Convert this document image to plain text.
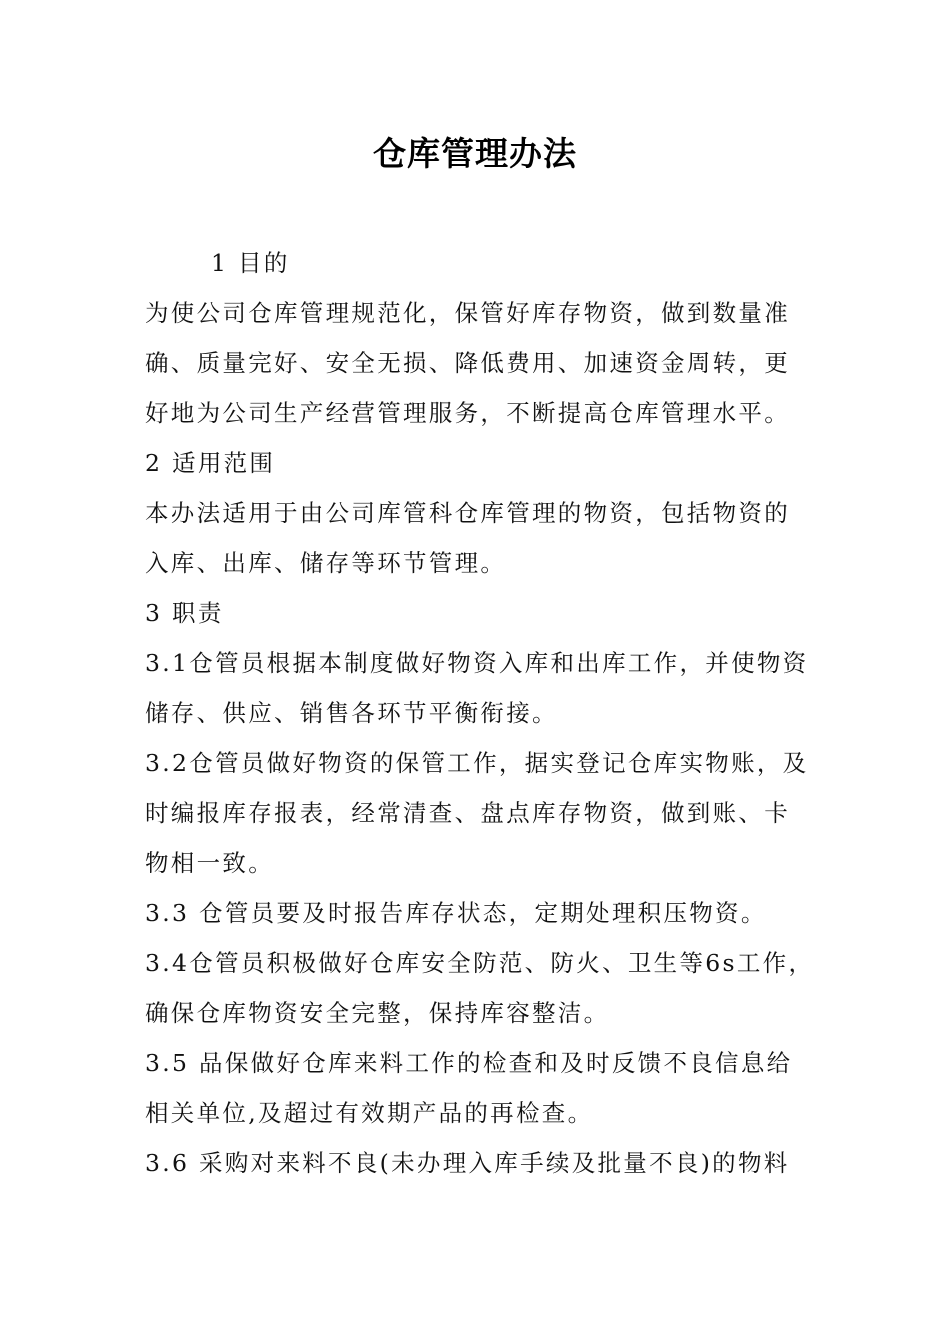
仓库管理办法
1 目的
为使公司仓库管理规范化，保管好库存物资，做到数量准
确、质量完好、安全无损、降低费用、加速资金周转，更
好地为公司生产经营管理服务，不断提高仓库管理水平。
2 适用范围
本办法适用于由公司库管科仓库管理的物资，包括物资的
入库、出库、储存等环节管理。
3 职责
3.1仓管员根据本制度做好物资入库和出库工作，并使物资
储存、供应、销售各环节平衡衔接。
3.2仓管员做好物资的保管工作，据实登记仓库实物账，及
时编报库存报表，经常清查、盘点库存物资，做到账、卡
物相一致。
3.3 仓管员要及时报告库存状态，定期处理积压物资。
3.4仓管员积极做好仓库安全防范、防火、卫生等6s工作，
确保仓库物资安全完整，保持库容整洁。
3.5 品保做好仓库来料工作的检查和及时反馈不良信息给
相关单位,及超过有效期产品的再检查。
3.6 采购对来料不良(未办理入库手续及批量不良)的物料
